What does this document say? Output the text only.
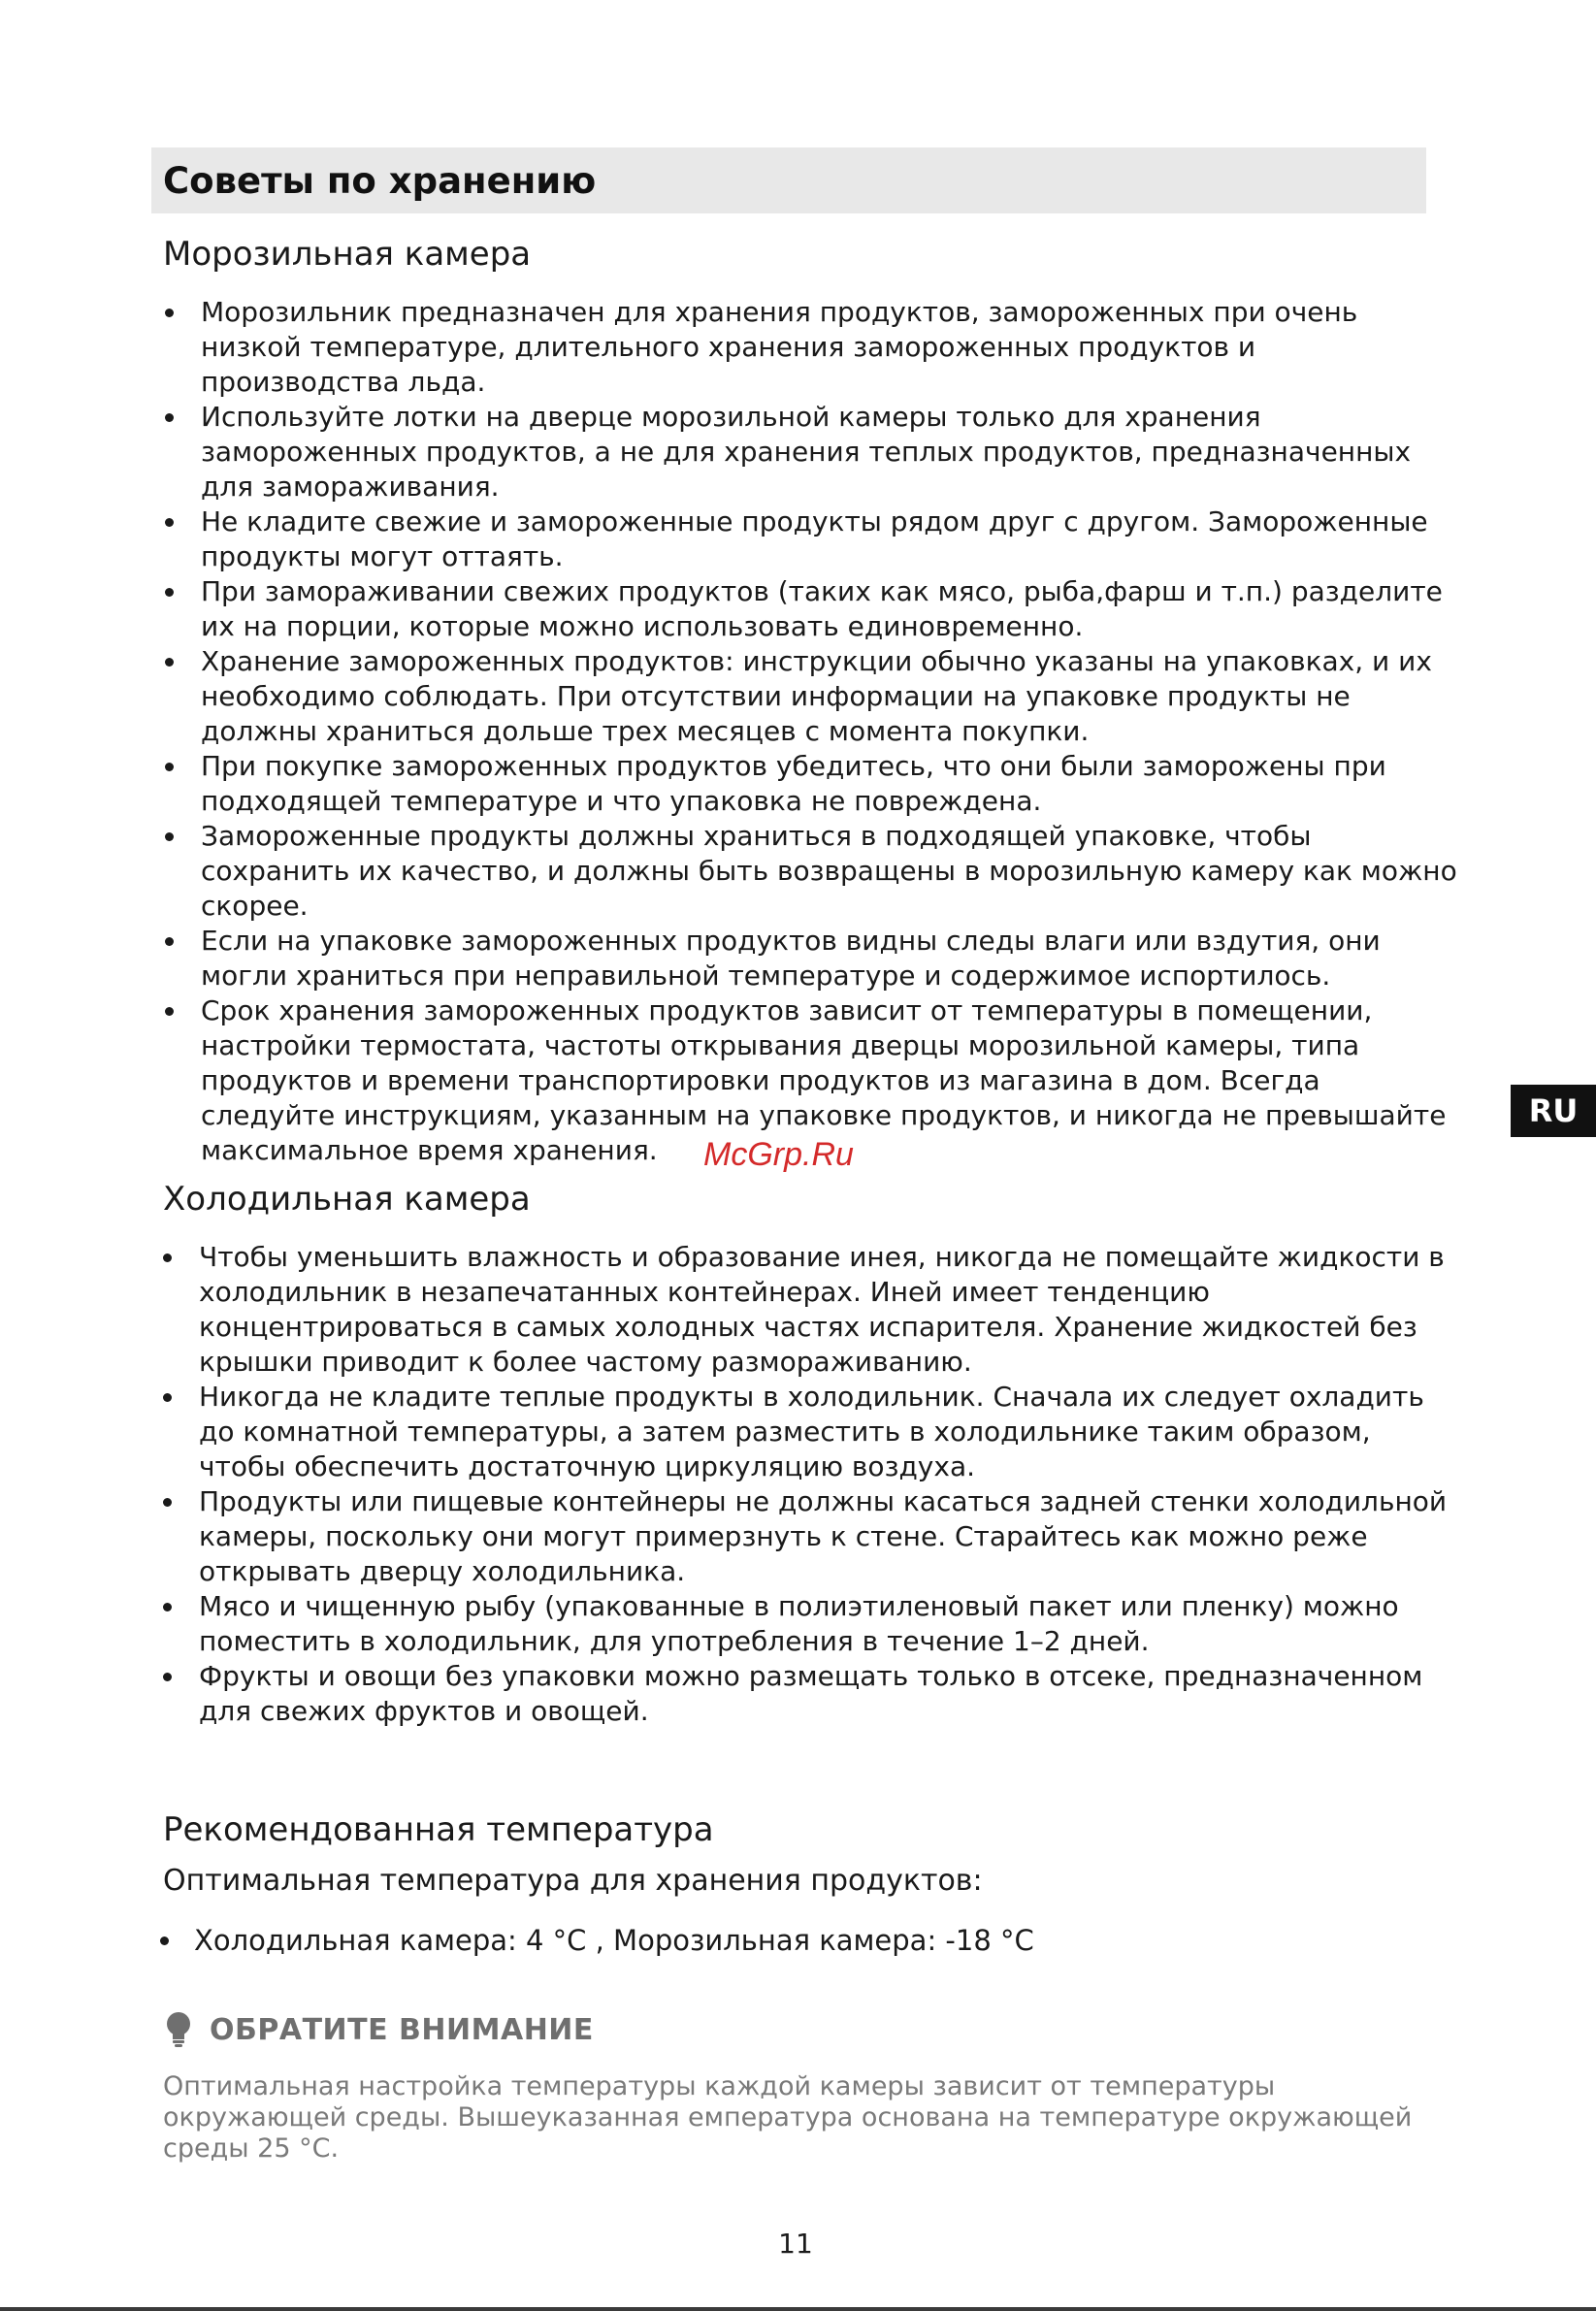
Советы по хранению
Морозильная камера
Морозильник предназначен для хранения продуктов, замороженных при очень низкой температуре, длительного хранения замороженных продуктов и производства льда.
Используйте лотки на дверце морозильной камеры только для хранения замороженных продуктов, а не для хранения теплых продуктов, предназначенных для замораживания.
Не кладите свежие и замороженные продукты рядом друг с другом. Замороженные продукты могут оттаять.
При замораживании свежих продуктов (таких как мясо, рыба,фарш и т.п.) разделите их на порции, которые можно использовать единовременно.
Хранение замороженных продуктов: инструкции обычно указаны на упаковках, и их необходимо соблюдать. При отсутствии информации на упаковке продукты не должны храниться дольше трех месяцев с момента покупки.
При покупке замороженных продуктов убедитесь, что они были заморожены при подходящей температуре и что упаковка не повреждена.
Замороженные продукты должны храниться в подходящей упаковке, чтобы сохранить их качество, и должны быть возвращены в морозильную камеру как можно скорее.
Если на упаковке замороженных продуктов видны следы влаги или вздутия, они могли храниться при неправильной температуре и содержимое испортилось.
Срок хранения замороженных продуктов зависит от температуры в помещении, настройки термостата, частоты открывания дверцы морозильной камеры, типа продуктов и времени транспортировки продуктов из магазина в дом. Всегда следуйте инструкциям, указанным на упаковке продуктов, и никогда не превышайте максимальное время хранения.
Холодильная камера
Чтобы уменьшить влажность и образование инея, никогда не помещайте жидкости в холодильник в незапечатанных контейнерах. Иней имеет тенденцию концентрироваться в самых холодных частях испарителя. Хранение жидкостей без крышки приводит к более частому размораживанию.
Никогда не кладите теплые продукты в холодильник. Сначала их следует охладить до комнатной температуры, а затем разместить в холодильнике таким образом, чтобы обеспечить достаточную циркуляцию воздуха.
Продукты или пищевые контейнеры не должны касаться задней стенки холодильной камеры, поскольку они могут примерзнуть к стене. Старайтесь как можно реже открывать дверцу холодильника.
Мясо и чищенную рыбу (упакованные в полиэтиленовый пакет или пленку) можно поместить в холодильник, для употребления в течение 1–2 дней.
Фрукты и овощи без упаковки можно размещать только в отсеке, предназначенном для свежих фруктов и овощей.
Рекомендованная температура

Оптимальная температура для хранения продуктов:

Холодильная камера: 4 °С , Морозильная камера: -18 °С
ОБРАТИТЕ ВНИМАНИЕ

Оптимальная настройка температуры каждой камеры зависит от температуры окружающей среды. Вышеуказанная емпература основана на температуре окружающей среды 25 °С.

RU
McGrp.Ru
11
